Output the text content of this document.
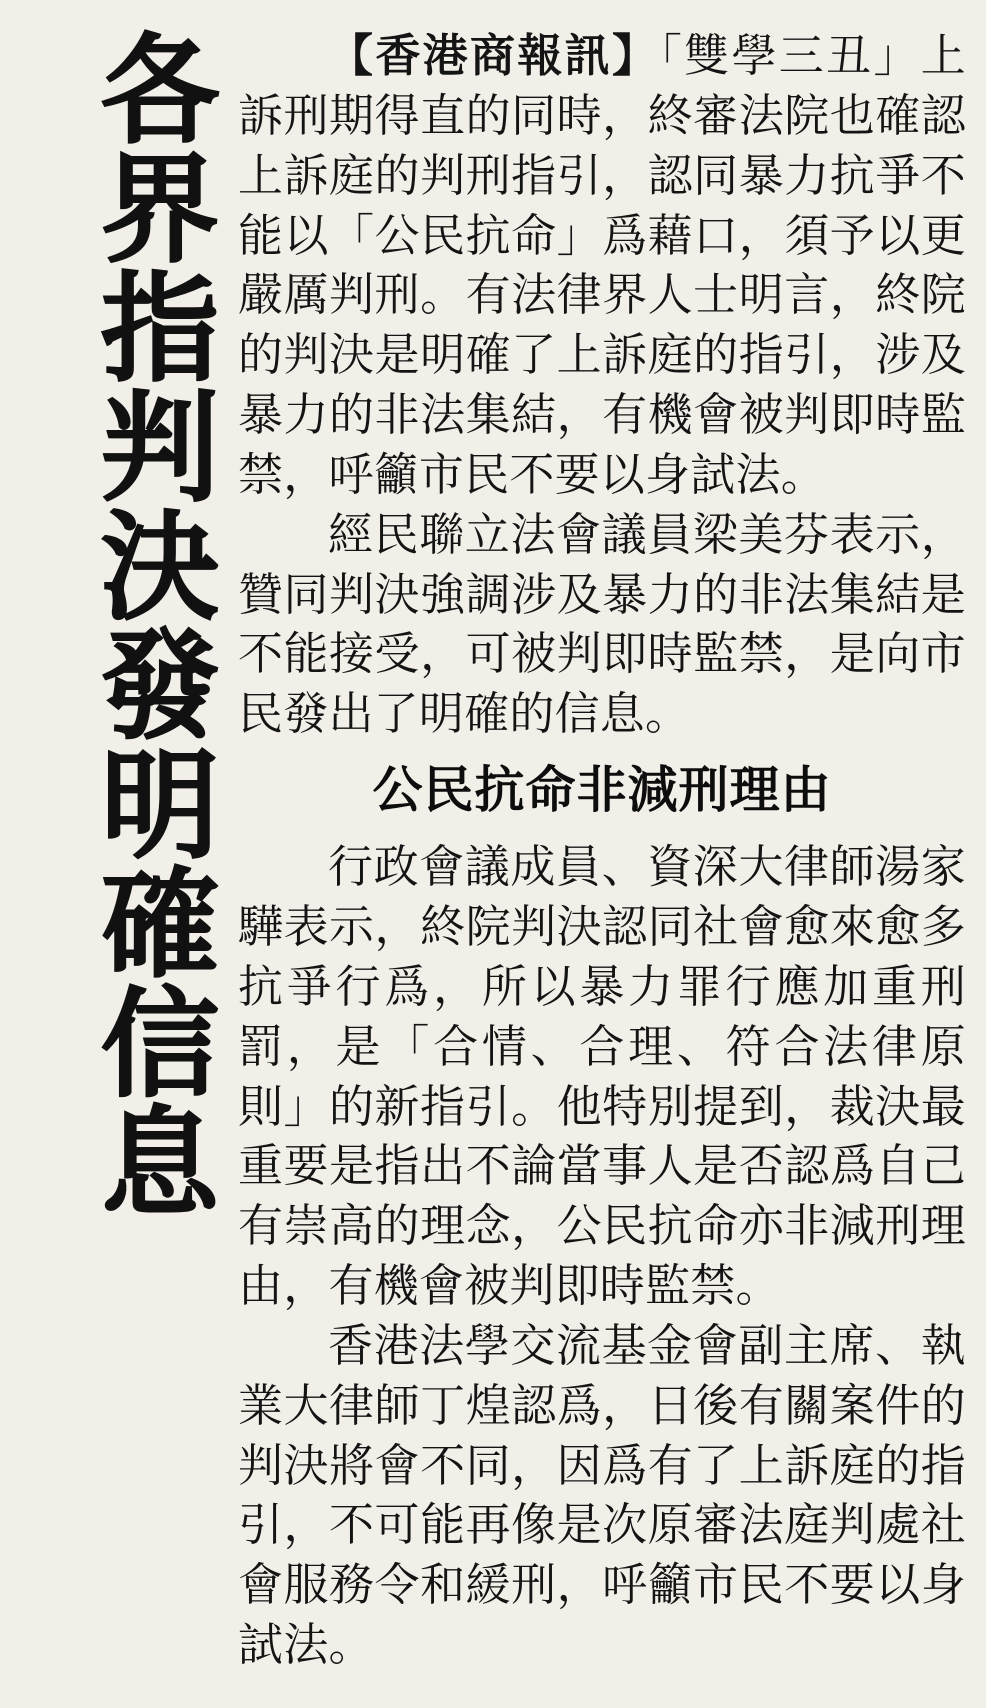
各界指判決發明確信息	【香港商報訊】「雙學三丑」上訴刑期得直的同時，終審法院也確認上訴庭的判刑指引，認同暴力抗爭不能以「公民抗命」爲藉口，須予以更嚴厲判刑。有法律界人士明言，終院的判決是明確了上訴庭的指引，涉及暴力的非法集結，有機會被判即時監禁，呼籲市民不要以身試法。

經民聯立法會議員梁美芬表示，贊同判決強調涉及暴力的非法集結是不能接受，可被判即時監禁，是向市民發出了明確的信息。

公民抗命非減刑理由

行政會議成員、資深大律師湯家驊表示，終院判決認同社會愈來愈多抗爭行爲，所以暴力罪行應加重刑罰，是「合情、合理、符合法律原則」的新指引。他特別提到，裁決最重要是指出不論當事人是否認爲自己有崇高的理念，公民抗命亦非減刑理由，有機會被判即時監禁。

香港法學交流基金會副主席、執業大律師丁煌認爲，日後有關案件的判決將會不同，因爲有了上訴庭的指引，不可能再像是次原審法庭判處社會服務令和緩刑，呼籲市民不要以身試法。
